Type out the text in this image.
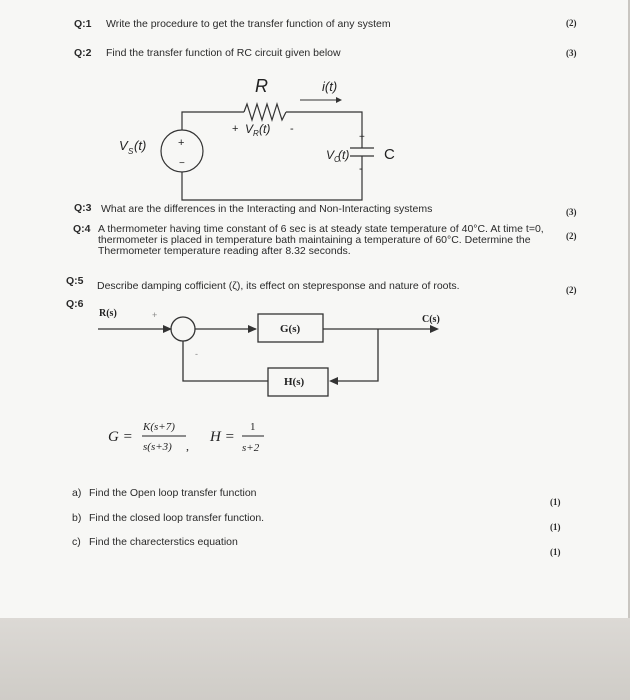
Q:1 Write the procedure to get the transfer function of any system	(2)
Q:2 Find the transfer function of RC circuit given below	(3)
R	i(t)
+ V R (t) -
V S (t)	+
−
V C
(t)
+
-
C
Q:3 What are the differences in the Interacting and Non-Interacting systems	(3)
Q:4 A thermometer having time constant of 6 sec is at steady state temperature of 40°C. At time t=0, thermometer is placed in temperature bath maintaining a temperature of 60°C. Determine the Thermometer temperature reading after 8.32 seconds.
(2)
Q:5 Describe damping cofficient (ζ), its effect on stepresponse and nature of roots.	(2)
Q:6
R(s)	+	C(s)
G(s)
H(s)
-
G =
K(s+7)
s(s+3) ,
H =
1
s+2
a) Find the Open loop transfer function
(1)
b) Find the closed loop transfer function.
(1)
c) Find the charecterstics equation
(1)
